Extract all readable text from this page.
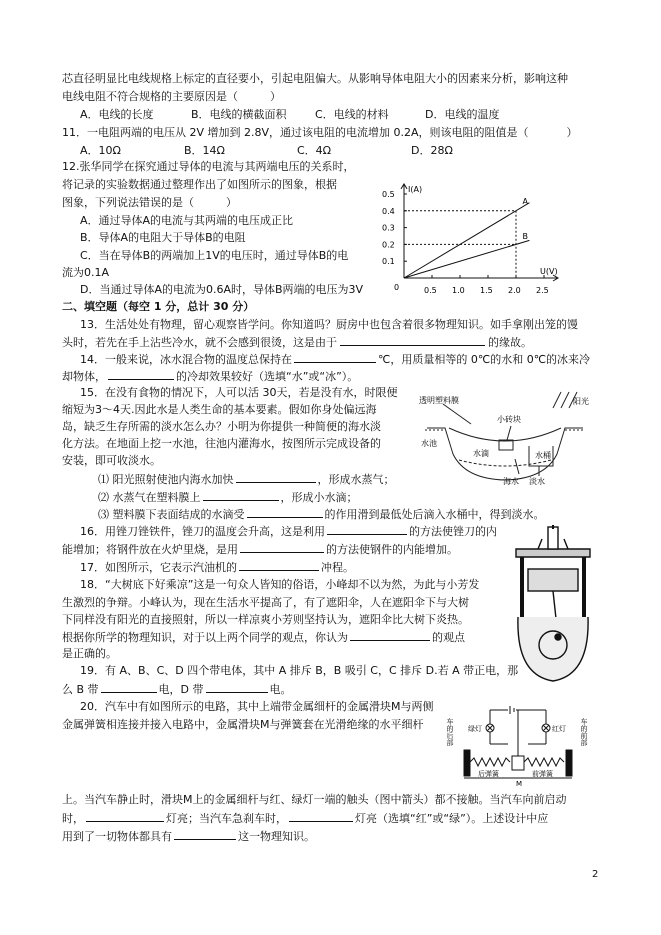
芯直径明显比电线规格上标定的直径要小，引起电阻偏大。从影响导体电阻大小的因素来分析，影响这种
电线电阻不符合规格的主要原因是（	）
A．电线的长度	B．电线的横截面积	C．电线的材料	D．电线的温度
11．一电阻两端的电压从 2V 增加到 2.8V，通过该电阻的电流增加 0.2A，则该电阻的阻值是（	）
A．10Ω	B．14Ω	C．4Ω	D．28Ω
12.张华同学在探究通过导体的电流与其两端电压的关系时，
将记录的实验数据通过整理作出了如图所示的图象，根据
图象，下列说法错误的是（	）
A．通过导体A的电流与其两端的电压成正比
B．导体A的电阻大于导体B的电阻
C．当在导体B的两端加上1V的电压时，通过导体B的电
流为0.1A
D．当通过导体A的电流为0.6A时，导体B两端的电压为3V
I(A)
U(V)
0	0.5 1.0 1.5 2.0 2.5
0.1
0.2
0.3
0.4
0.5
A
B
二、填空题（每空 1 分，总计 30 分）
13．生活处处有物理，留心观察皆学问。你知道吗？厨房中也包含着很多物理知识。如手拿刚出笼的馒
头时，若先在手上沾些冷水，就不会感到很烫，这是由于	的缘故。
14．一般来说，冰水混合物的温度总保持在	℃，用质量相等的 0℃的水和 0℃的冰来冷
却物体，	的冷却效果较好（选填“水”或“冰”）。
15．在没有食物的情况下，人可以活 30天，若是没有水，时限便
缩短为3～4天.因此水是人类生命的基本要素。假如你身处偏远海
岛，缺乏生存所需的淡水怎么办？小明为你提供一种简便的海水淡
化方法。在地面上挖一水池，往池内灌海水，按图所示完成设备的
安装，即可收淡水。
⑴ 阳光照射使池内海水加快	，形成水蒸气；
⑵ 水蒸气在塑料膜上	，形成小水滴；
⑶ 塑料膜下表面结成的水滴受	的作用滑到最低处后滴入水桶中，得到淡水。
透明塑料膜
小砖块
阳光
水池
水滴	水桶
海水 淡水
16．用锉刀锉铁件，锉刀的温度会升高，这是利用	的方法使锉刀的内
能增加；将钢件放在火炉里烧，是用	的方法使钢件的内能增加。
17．如图所示，它表示汽油机的	冲程。
18．“大树底下好乘凉”这是一句众人皆知的俗语，小峰却不以为然，为此与小芳发
生激烈的争辩。小峰认为，现在生活水平提高了，有了遮阳伞，人在遮阳伞下与大树
下同样没有阳光的直接照射，所以一样凉爽小芳则坚持认为，遮阳伞比大树下炎热。
根据你所学的物理知识，对于以上两个同学的观点，你认为	的观点
是正确的。
19．有 A、B、C、D 四个带电体，其中 A 排斥 B，B 吸引 C，C 排斥 D.若 A 带正电，那
么 B 带	电，D 带	电。
20．汽车中有如图所示的电路，其中上端带金属细杆的金属滑块M与两侧
金属弹簧相连接并接入电路中，金属滑块M与弹簧套在光滑绝缘的水平细杆	车的后部	车的前部
绿灯	红灯
后弹簧	前弹簧
M
上。当汽车静止时，滑块M上的金属细杆与红、绿灯一端的触头（图中箭头）都不接触。当汽车向前启动
时，	灯亮；当汽车急刹车时，	灯亮（选填“红”或“绿”）。上述设计中应
用到了一切物体都具有	这一物理知识。
2
